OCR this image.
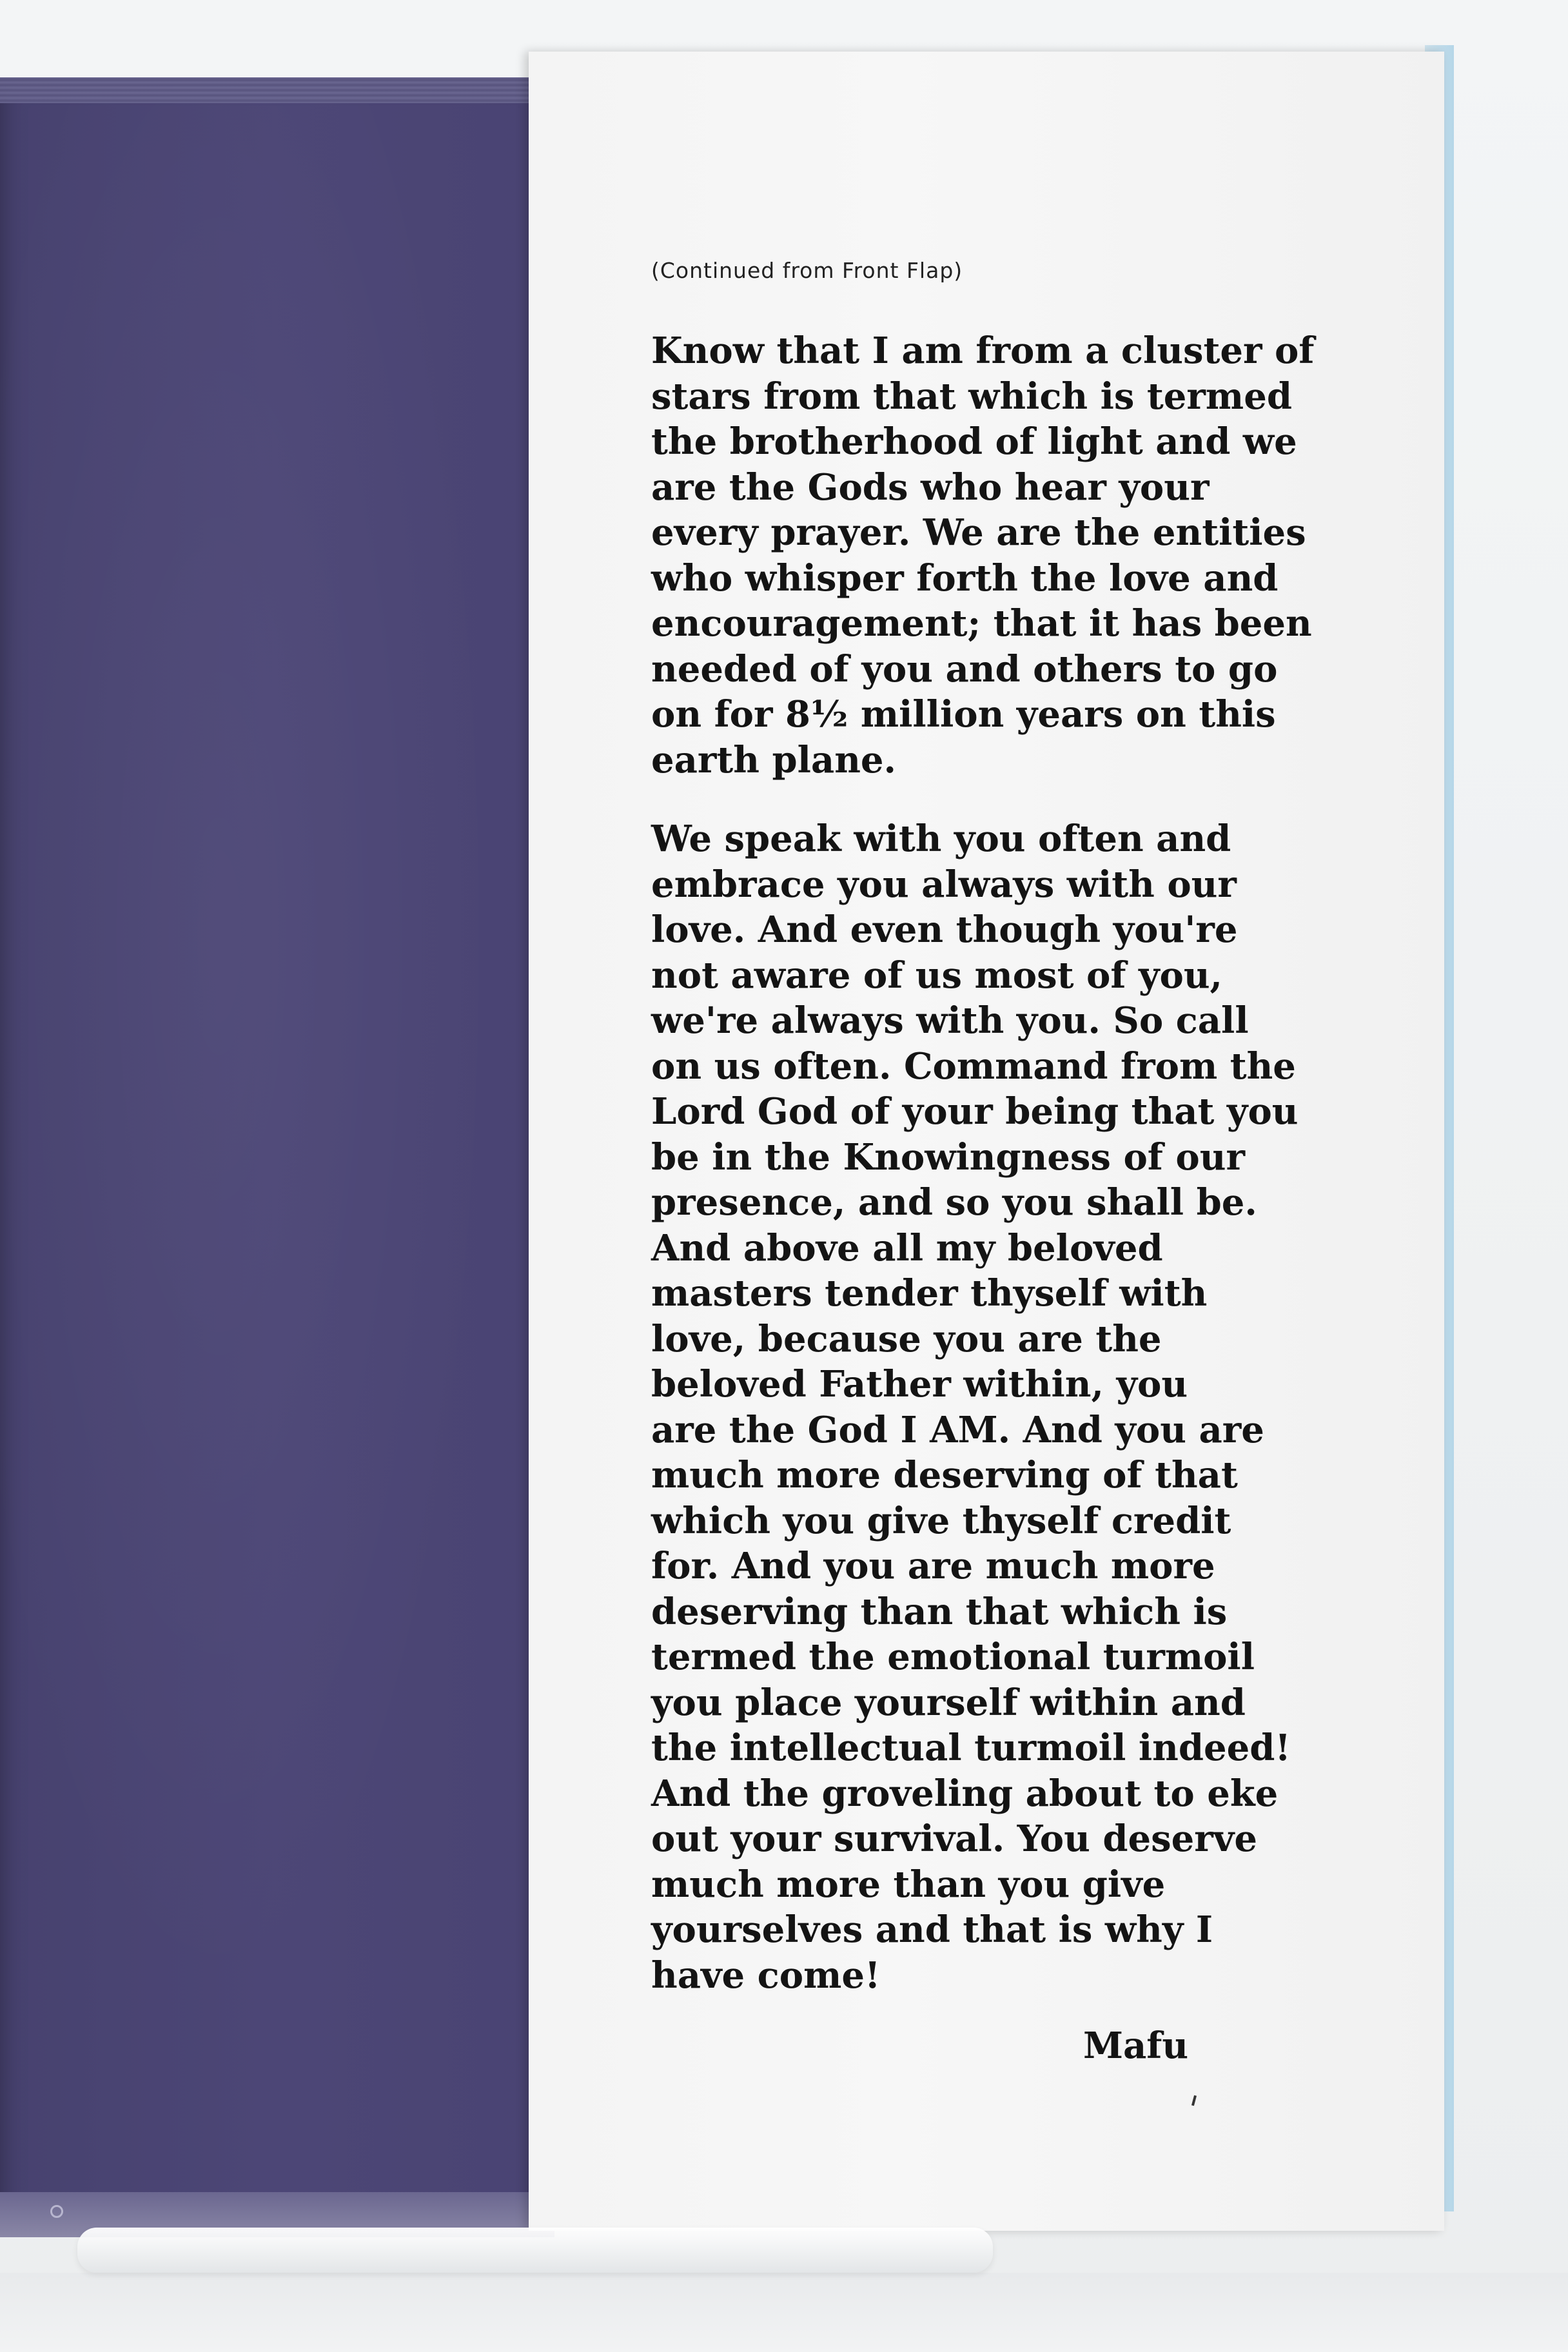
(Continued from Front Flap)

Know that I am from a cluster of
stars from that which is termed
the brotherhood of light and we
are the Gods who hear your
every prayer. We are the entities
who whisper forth the love and
encouragement; that it has been
needed of you and others to go
on for 8½ million years on this
earth plane.

We speak with you often and
embrace you always with our
love. And even though you're
not aware of us most of you,
we're always with you. So call
on us often. Command from the
Lord God of your being that you
be in the Knowingness of our
presence, and so you shall be.
And above all my beloved
masters tender thyself with
love, because you are the
beloved Father within, you
are the God I AM. And you are
much more deserving of that
which you give thyself credit
for. And you are much more
deserving than that which is
termed the emotional turmoil
you place yourself within and
the intellectual turmoil indeed!
And the groveling about to eke
out your survival. You deserve
much more than you give
yourselves and that is why I
have come!

Mafu
